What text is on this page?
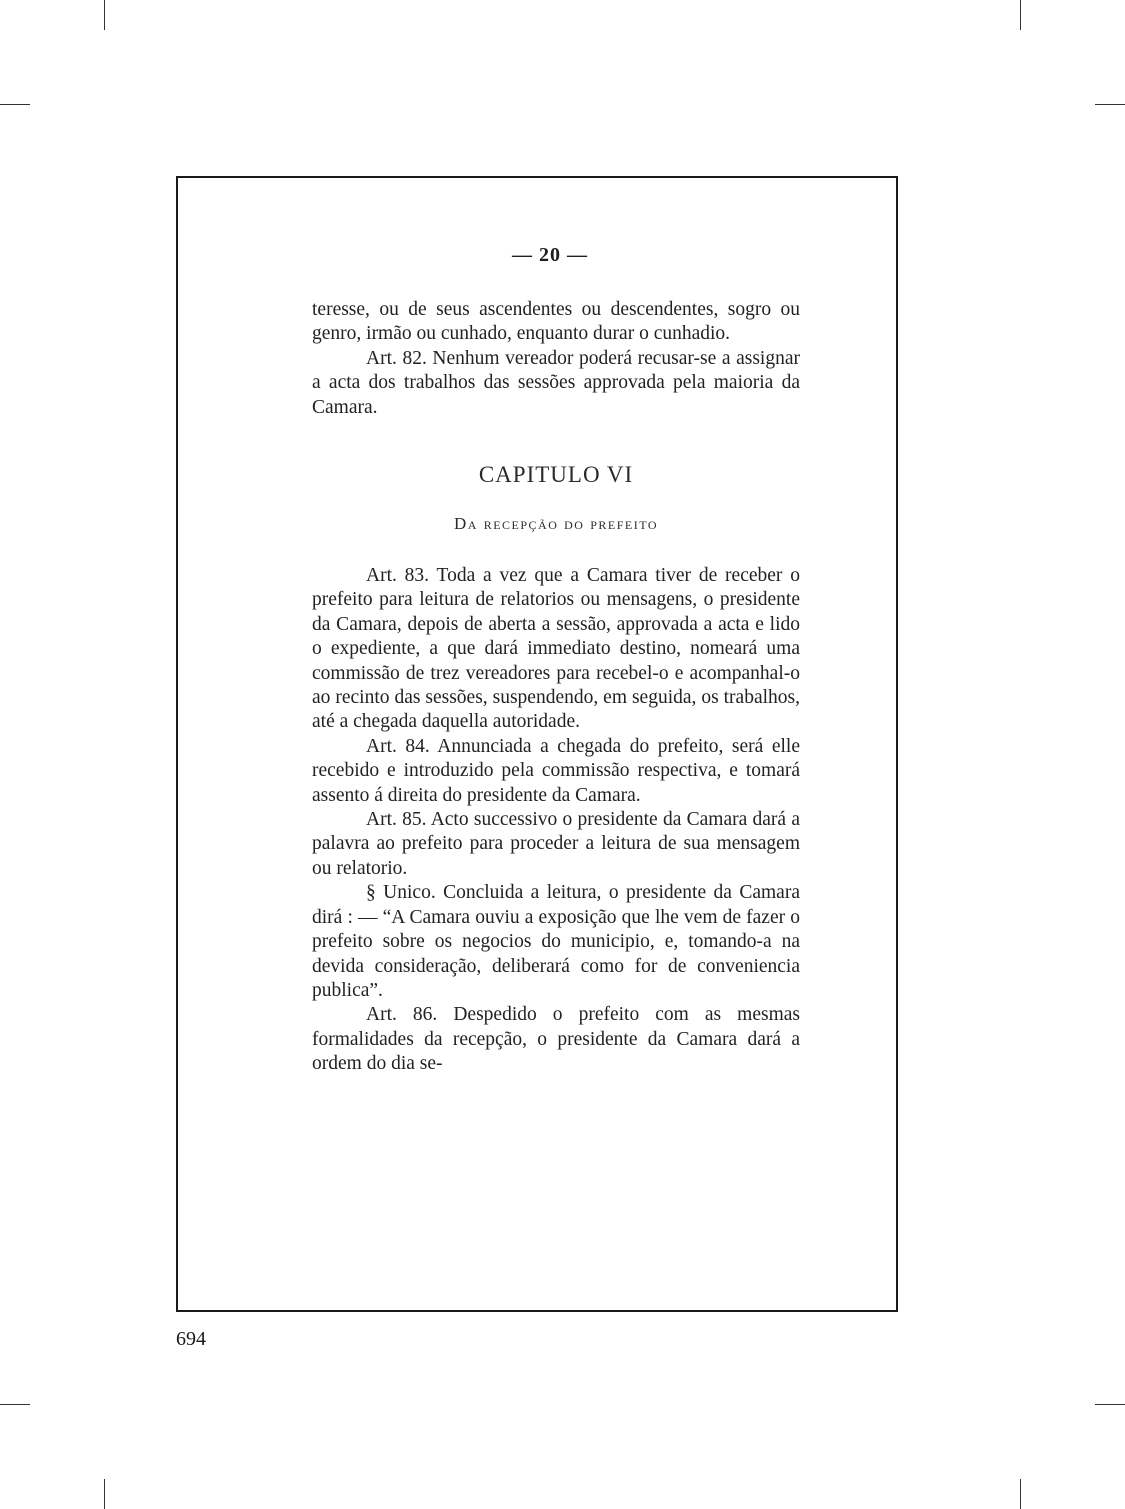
— 20 —

teresse, ou de seus ascendentes ou descendentes, sogro ou genro, irmão ou cunhado, enquanto durar o cunhadio.

Art. 82. Nenhum vereador poderá recusar-se a assignar a acta dos trabalhos das sessões approvada pela maioria da Camara.

CAPITULO VI
Da recepção do prefeito

Art. 83. Toda a vez que a Camara tiver de receber o prefeito para leitura de relatorios ou mensagens, o presidente da Camara, depois de aberta a sessão, approvada a acta e lido o expediente, a que dará immediato destino, nomeará uma commissão de trez vereadores para recebel-o e acompanhal-o ao recinto das sessões, suspendendo, em seguida, os trabalhos, até a chegada daquella autoridade.

Art. 84. Annunciada a chegada do prefeito, será elle recebido e introduzido pela commissão respectiva, e tomará assento á direita do presidente da Camara.

Art. 85. Acto successivo o presidente da Camara dará a palavra ao prefeito para proceder a leitura de sua mensagem ou relatorio.

§ Unico. Concluida a leitura, o presidente da Camara dirá : — “A Camara ouviu a exposição que lhe vem de fazer o prefeito sobre os negocios do municipio, e, tomando-a na devida consideração, deliberará como for de conveniencia publica”.

Art. 86. Despedido o prefeito com as mesmas formalidades da recepção, o presidente da Camara dará a ordem do dia se-

694
